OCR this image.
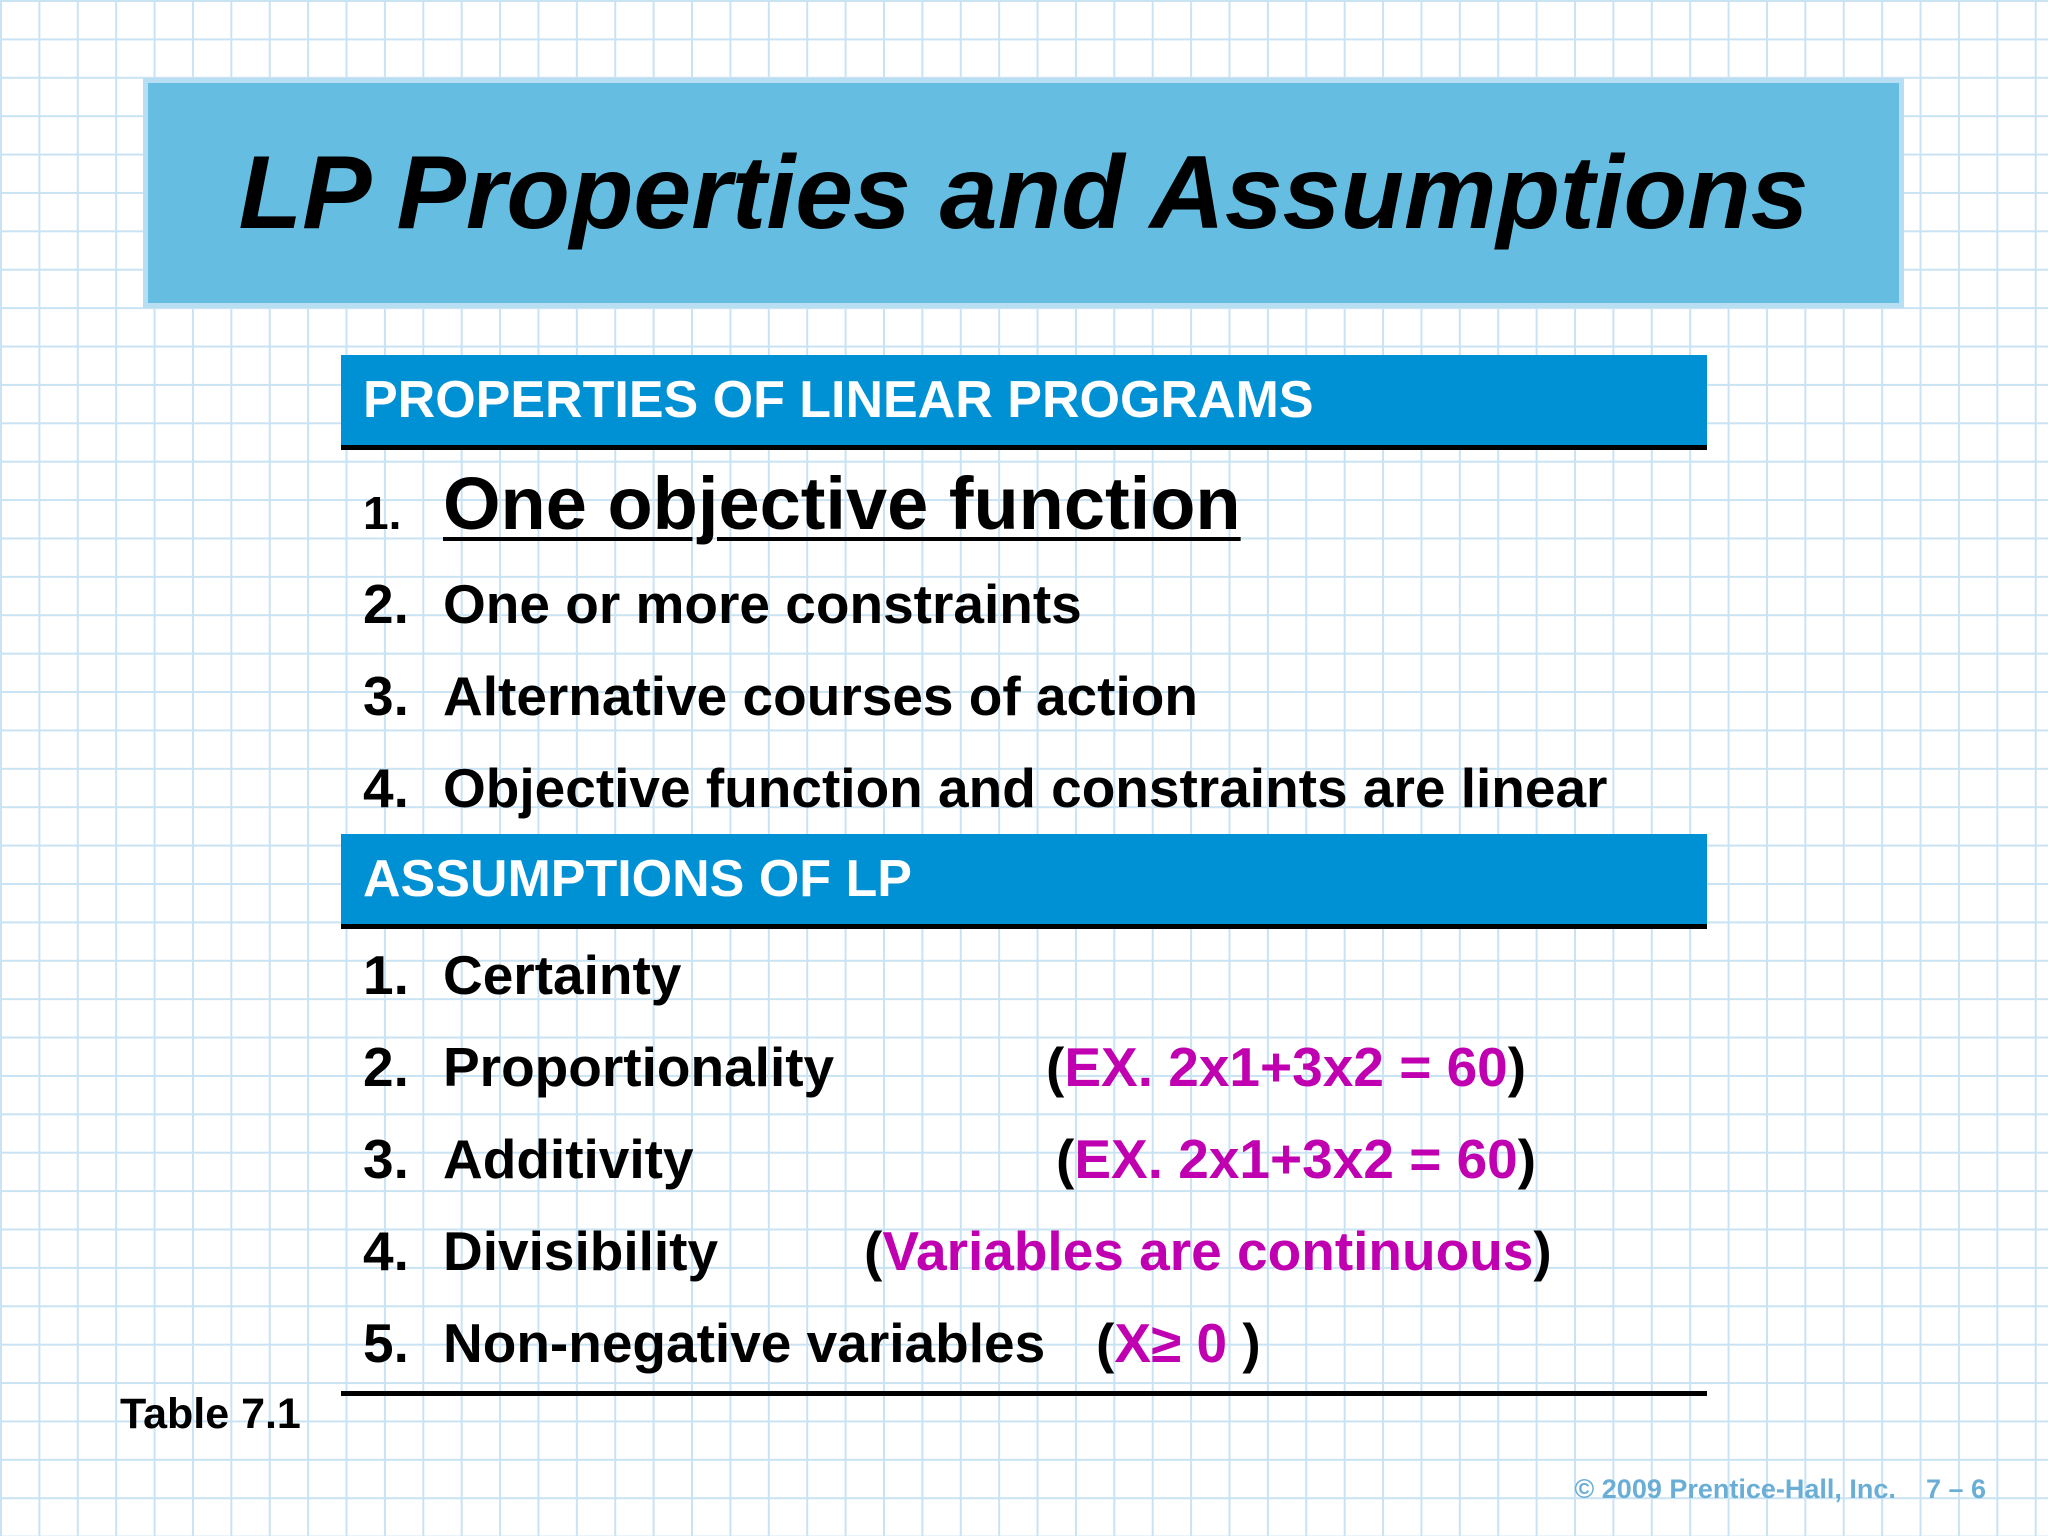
LP Properties and Assumptions
PROPERTIES OF LINEAR PROGRAMS
1. One objective function
2. One or more constraints
3. Alternative courses of action
4. Objective function and constraints are linear
ASSUMPTIONS OF LP
1. Certainty
2. Proportionality	(EX. 2x1+3x2 = 60)
3. Additivity	(EX. 2x1+3x2 = 60)
4. Divisibility	(Variables are continuous)
5. Non-negative variables (X≥ 0 )
Table 7.1
© 2009 Prentice-Hall, Inc. 7 – 6
